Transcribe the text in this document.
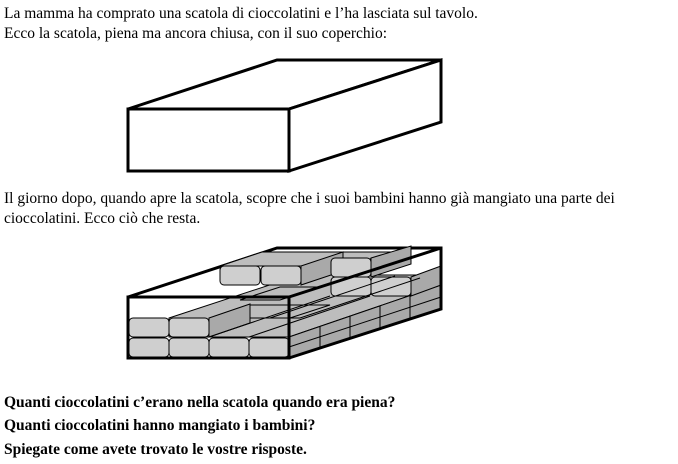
La mamma ha comprato una scatola di cioccolatini e l’ha lasciata sul tavolo.
Ecco la scatola, piena ma ancora chiusa, con il suo coperchio:
Il giorno dopo, quando apre la scatola, scopre che i suoi bambini hanno già mangiato una parte dei
cioccolatini. Ecco ciò che resta.

Quanti cioccolatini c’erano nella scatola quando era piena?

Quanti cioccolatini hanno mangiato i bambini?

Spiegate come avete trovato le vostre risposte.
